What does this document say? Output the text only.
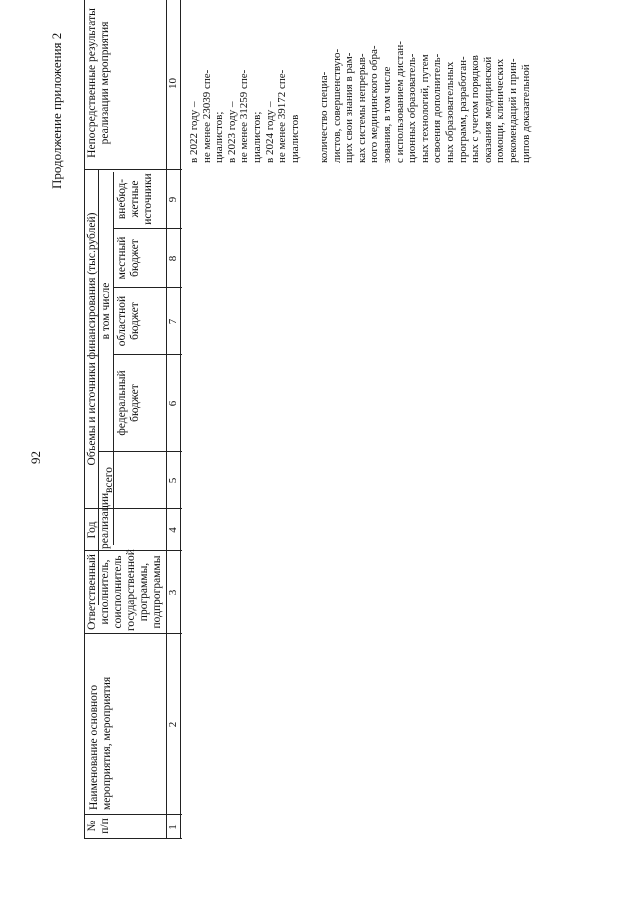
92
Продолжение приложения 2
№ п/п
Наименование основного мероприятия, мероприятия
Ответственный исполнитель, соисполнитель государственной программы, подпрограммы
Год реализации
Объемы и источники финансирования (тыс.рублей)
всего
в том числе
федеральный бюджет
областной бюджет
местный бюджет
внебюд-жетные источники
Непосредственные результаты реализации мероприятия
1
2
3
4
5
6
7
8
9
10
в 2022 году – не менее 23039 спе- циалистов; в 2023 году – не менее 31259 спе- циалистов; в 2024 году – не менее 39172 спе- циалистов количество специа- листов, совершенствую- щих свои знания в рам- ках системы непрерыв- ного медицинского обра- зования, в том числе с использованием дистан- ционных образователь- ных технологий, путем освоения дополнитель- ных образовательных программ, разработан- ных с учетом порядков оказания медицинской помощи, клинических рекомендаций и прин- ципов доказательной
